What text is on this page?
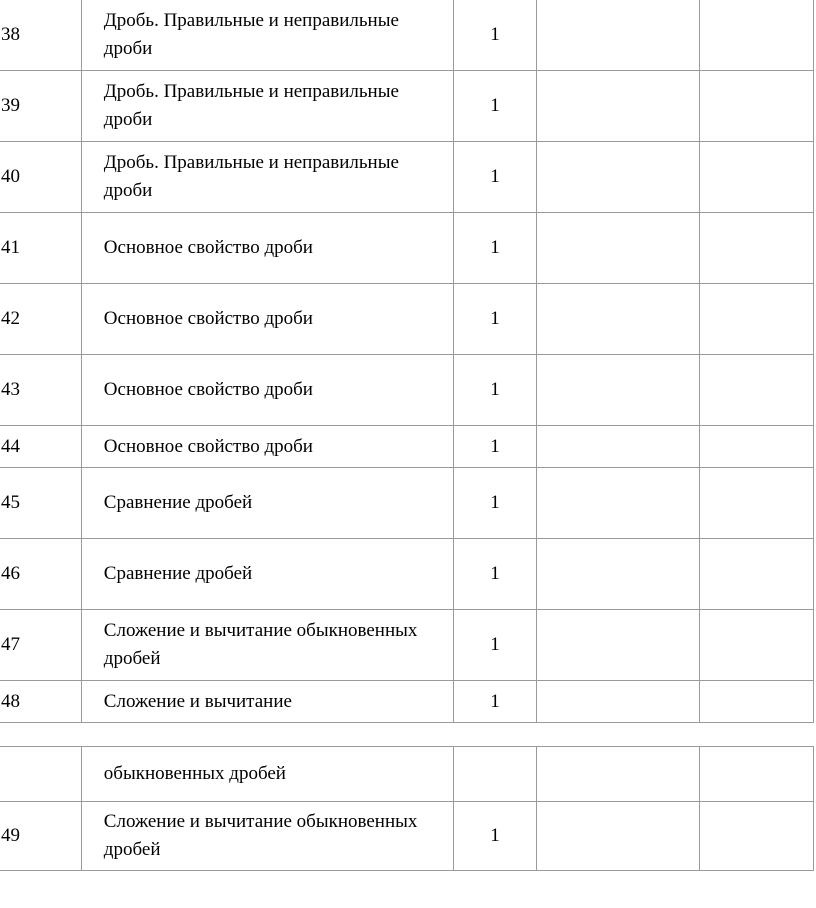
38	Дробь. Правильные и неправильные дроби	1		
39	Дробь. Правильные и неправильные дроби	1		
40	Дробь. Правильные и неправильные дроби	1		
41	Основное свойство дроби	1		
42	Основное свойство дроби	1		
43	Основное свойство дроби	1		
44	Основное свойство дроби	1		
45	Сравнение дробей	1		
46	Сравнение дробей	1		
47	Сложение и вычитание обыкновенных дробей	1		
48	Сложение и вычитание	1		
	обыкновенных дробей			
49	Сложение и вычитание обыкновенных дробей	1		
